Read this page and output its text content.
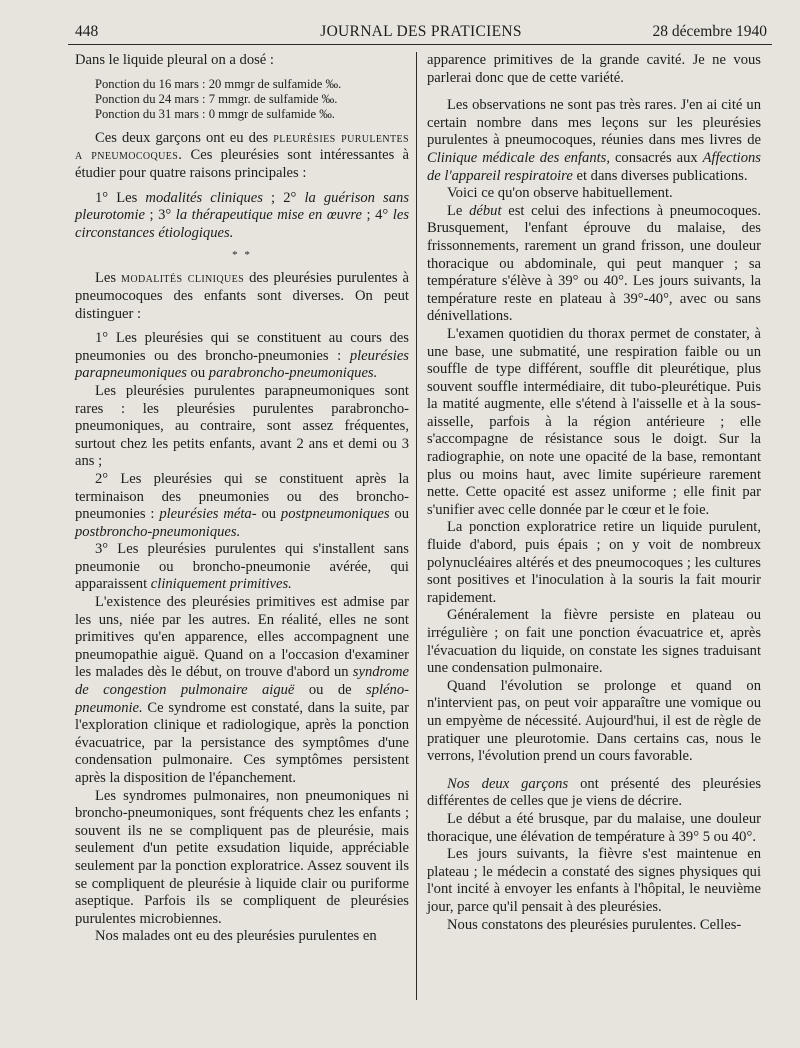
448	JOURNAL DES PRATICIENS	28 décembre 1940

Dans le liquide pleural on a dosé :

Ponction du 16 mars : 20 mmgr de sulfamide ‰.

Ponction du 24 mars : 7 mmgr. de sulfamide ‰.

Ponction du 31 mars : 0 mmgr de sulfamide ‰.

Ces deux garçons ont eu des pleurésies purulentes a pneumocoques. Ces pleurésies sont intéressantes à étudier pour quatre raisons principales :

1° Les modalités cliniques ; 2° la guérison sans pleurotomie ; 3° la thérapeutique mise en œuvre ; 4° les circonstances étiologiques.

* *

Les modalités cliniques des pleurésies purulentes à pneumocoques des enfants sont diverses. On peut distinguer :

1° Les pleurésies qui se constituent au cours des pneumonies ou des broncho-pneumonies : pleurésies parapneumoniques ou parabroncho-pneumoniques.

Les pleurésies purulentes parapneumoniques sont rares : les pleurésies purulentes parabroncho-pneumoniques, au contraire, sont assez fréquentes, surtout chez les petits enfants, avant 2 ans et demi ou 3 ans ;

2° Les pleurésies qui se constituent après la terminaison des pneumonies ou des broncho-pneumonies : pleurésies méta- ou postpneumoniques ou postbroncho-pneumoniques.

3° Les pleurésies purulentes qui s'installent sans pneumonie ou broncho-pneumonie avérée, qui apparaissent cliniquement primitives.

L'existence des pleurésies primitives est admise par les uns, niée par les autres. En réalité, elles ne sont primitives qu'en apparence, elles accompagnent une pneumopathie aiguë. Quand on a l'occasion d'examiner les malades dès le début, on trouve d'abord un syndrome de congestion pulmonaire aiguë ou de spléno-pneumonie. Ce syndrome est constaté, dans la suite, par l'exploration clinique et radiologique, après la ponction évacuatrice, par la persistance des symptômes d'une condensation pulmonaire. Ces symptômes persistent après la disposition de l'épanchement.

Les syndromes pulmonaires, non pneumoniques ni broncho-pneumoniques, sont fréquents chez les enfants ; souvent ils ne se compliquent pas de pleurésie, mais seulement d'un petite exsudation liquide, appréciable seulement par la ponction exploratrice. Assez souvent ils se compliquent de pleurésie à liquide clair ou puriforme aseptique. Parfois ils se compliquent de pleurésies purulentes microbiennes.

Nos malades ont eu des pleurésies purulentes en

apparence primitives de la grande cavité. Je ne vous parlerai donc que de cette variété.

Les observations ne sont pas très rares. J'en ai cité un certain nombre dans mes leçons sur les pleurésies purulentes à pneumocoques, réunies dans mes livres de Clinique médicale des enfants, consacrés aux Affections de l'appareil respiratoire et dans diverses publications.

Voici ce qu'on observe habituellement.

Le début est celui des infections à pneumocoques. Brusquement, l'enfant éprouve du malaise, des frissonnements, rarement un grand frisson, une douleur thoracique ou abdominale, qui peut manquer ; sa température s'élève à 39° ou 40°. Les jours suivants, la température reste en plateau à 39°-40°, avec ou sans dénivellations.

L'examen quotidien du thorax permet de constater, à une base, une submatité, une respiration faible ou un souffle de type différent, souffle dit pleurétique, plus souvent souffle intermédiaire, dit tubo-pleurétique. Puis la matité augmente, elle s'étend à l'aisselle et à la sous-aisselle, parfois à la région antérieure ; elle s'accompagne de résistance sous le doigt. Sur la radiographie, on note une opacité de la base, remontant plus ou moins haut, avec limite supérieure rarement nette. Cette opacité est assez uniforme ; elle finit par s'unifier avec celle donnée par le cœur et le foie.

La ponction exploratrice retire un liquide purulent, fluide d'abord, puis épais ; on y voit de nombreux polynucléaires altérés et des pneumocoques ; les cultures sont positives et l'inoculation à la souris la fait mourir rapidement.

Généralement la fièvre persiste en plateau ou irrégulière ; on fait une ponction évacuatrice et, après l'évacuation du liquide, on constate les signes traduisant une condensation pulmonaire.

Quand l'évolution se prolonge et quand on n'intervient pas, on peut voir apparaître une vomique ou un empyème de nécessité. Aujourd'hui, il est de règle de pratiquer une pleurotomie. Dans certains cas, nous le verrons, l'évolution prend un cours favorable.

Nos deux garçons ont présenté des pleurésies différentes de celles que je viens de décrire.

Le début a été brusque, par du malaise, une douleur thoracique, une élévation de température à 39° 5 ou 40°.

Les jours suivants, la fièvre s'est maintenue en plateau ; le médecin a constaté des signes physiques qui l'ont incité à envoyer les enfants à l'hôpital, le neuvième jour, parce qu'il pensait à des pleurésies.

Nous constatons des pleurésies purulentes. Celles-
